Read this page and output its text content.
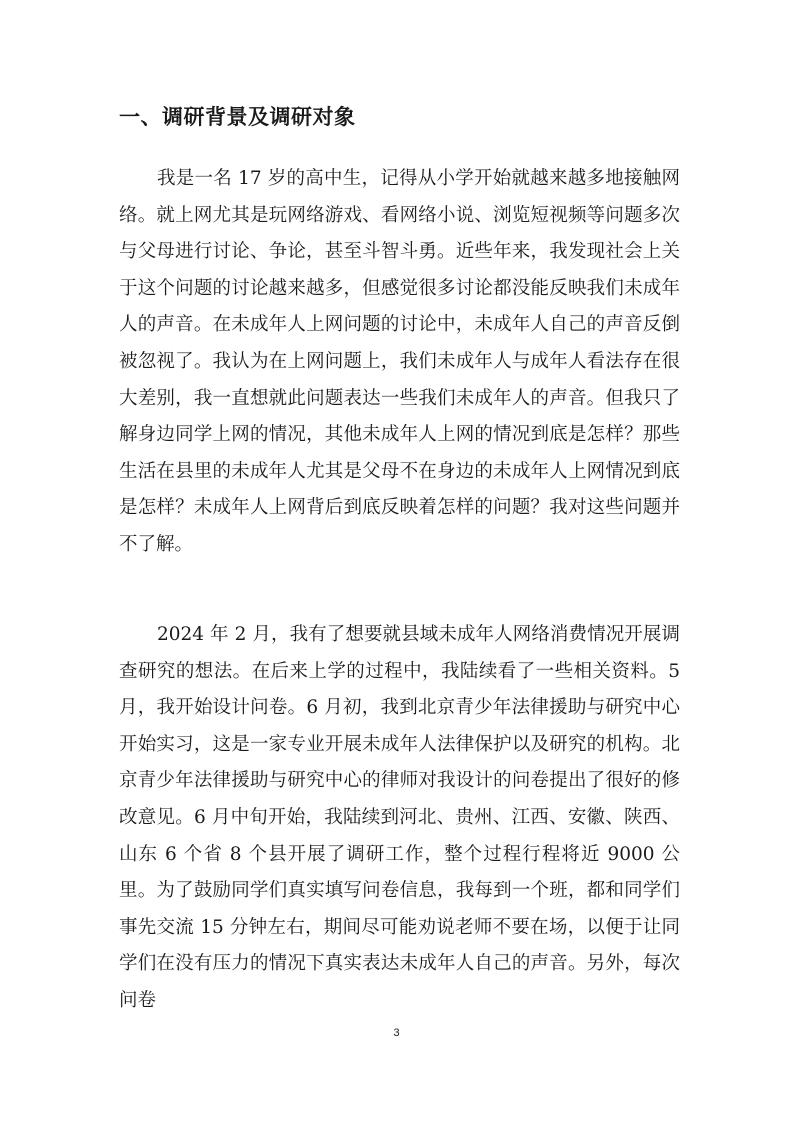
一、调研背景及调研对象

我是一名 17 岁的高中生，记得从小学开始就越来越多地接触网络。就上网尤其是玩网络游戏、看网络小说、浏览短视频等问题多次与父母进行讨论、争论，甚至斗智斗勇。近些年来，我发现社会上关于这个问题的讨论越来越多，但感觉很多讨论都没能反映我们未成年人的声音。在未成年人上网问题的讨论中，未成年人自己的声音反倒被忽视了。我认为在上网问题上，我们未成年人与成年人看法存在很大差别，我一直想就此问题表达一些我们未成年人的声音。但我只了解身边同学上网的情况，其他未成年人上网的情况到底是怎样？那些生活在县里的未成年人尤其是父母不在身边的未成年人上网情况到底是怎样？未成年人上网背后到底反映着怎样的问题？我对这些问题并不了解。

2024 年 2 月，我有了想要就县域未成年人网络消费情况开展调查研究的想法。在后来上学的过程中，我陆续看了一些相关资料。5 月，我开始设计问卷。6 月初，我到北京青少年法律援助与研究中心开始实习，这是一家专业开展未成年人法律保护以及研究的机构。北京青少年法律援助与研究中心的律师对我设计的问卷提出了很好的修改意见。6 月中旬开始，我陆续到河北、贵州、江西、安徽、陕西、山东 6 个省 8 个县开展了调研工作，整个过程行程将近 9000 公里。为了鼓励同学们真实填写问卷信息，我每到一个班，都和同学们事先交流 15 分钟左右，期间尽可能劝说老师不要在场，以便于让同学们在没有压力的情况下真实表达未成年人自己的声音。另外，每次问卷

3
